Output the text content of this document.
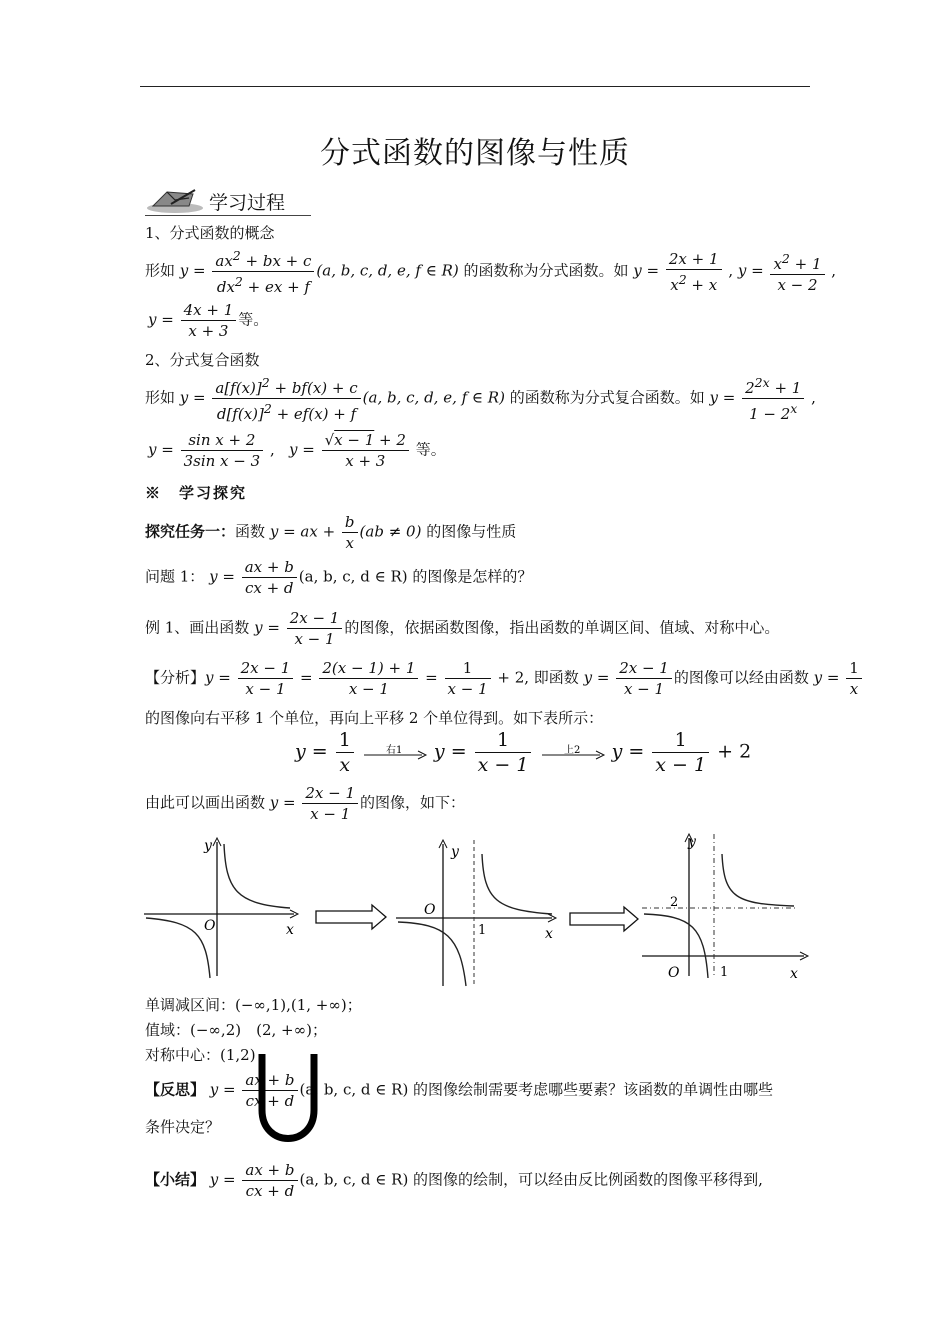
分式函数的图像与性质
学习过程
1、分式函数的概念
形如 $y = \frac{ax^2 + bx + c}{dx^2 + ex + f} (a$, b, c, d, e, f ∈ R) 的函数称为分式函数。如 $y = \frac{2x + 1}{x^2 + x}$ , $y = \frac{x^2 + 1}{x - 2}$ ,
$y = \frac{4x + 1}{x + 3}$ 等。
2、分式复合函数
形如 $y = \frac{a[f(x)]^2 + bf(x) + c}{d[f(x)]^2 + ef(x) + f} (a$, b, c, d, e, f ∈ R) 的函数称为分式复合函数。如 $y = \frac{2^{2x} + 1}{1 - 2^x}$ ,
$y = \frac{\text{sin x + 2}}{\text{3sin x − 3}}$ ,   $y = \frac{√x - 1 + 2}{x + 3}$ 等。
※　学习探究
探究任务一：函数 y = ax + $\frac{b}{x} (ab \ne 0)$ 的图像与性质
问题 1： $y = \frac{ax + b}{cx + d} (a$, b, c, d ∈ R) 的图像是怎样的？
例 1、画出函数 $y = \frac{2x - 1}{x - 1}$ 的图像，依据函数图像，指出函数的单调区间、值域、对称中心。
【分析】$y = \frac{2x - 1}{x - 1} = \frac{2(x - 1) + 1}{x - 1} = \frac{1}{x - 1} + 2$, 即函数 $y = \frac{2x - 1}{x - 1}$ 的图像可以经由函数 $y = \frac{1}{x}$
的图像向右平移 1 个单位，再向上平移 2 个单位得到。如下表所示：
$y = \frac{1}{x}$
	右1 $y = \frac{1}{x - 1}$
	上2 $y = \frac{1}{x - 1} + 2$
由此可以画出函数 $y = \frac{2x - 1}{x - 1}$ 的图像，如下：
y
O	x
y
O
1	x
y
2
O	1	x
单调减区间：(−∞,1),(1, +∞)；
值域：(−∞,2)　(2, +∞)；
对称中心：(1,2) 。
【反思】 $y = \frac{ax + b}{cx + d} (a$, b, c, d ∈ R) 的图像绘制需要考虑哪些要素？该函数的单调性由哪些
条件决定？
【小结】 $y = \frac{ax + b}{cx + d} (a$, b, c, d ∈ R) 的图像的绘制，可以经由反比例函数的图像平移得到,
